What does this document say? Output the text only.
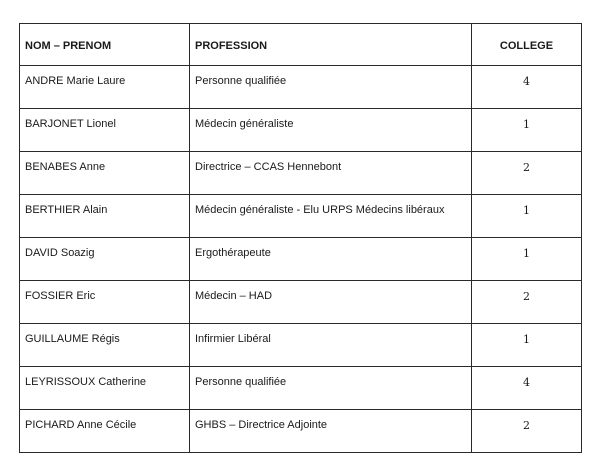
NOM – PRENOM	PROFESSION	COLLEGE
ANDRE Marie Laure	Personne qualifiée	4
BARJONET Lionel	Médecin généraliste	1
BENABES Anne	Directrice – CCAS Hennebont	2
BERTHIER Alain	Médecin généraliste - Elu URPS Médecins libéraux	1
DAVID Soazig	Ergothérapeute	1
FOSSIER Eric	Médecin – HAD	2
GUILLAUME Régis	Infirmier Libéral	1
LEYRISSOUX Catherine	Personne qualifiée	4
PICHARD Anne Cécile	GHBS – Directrice Adjointe	2
